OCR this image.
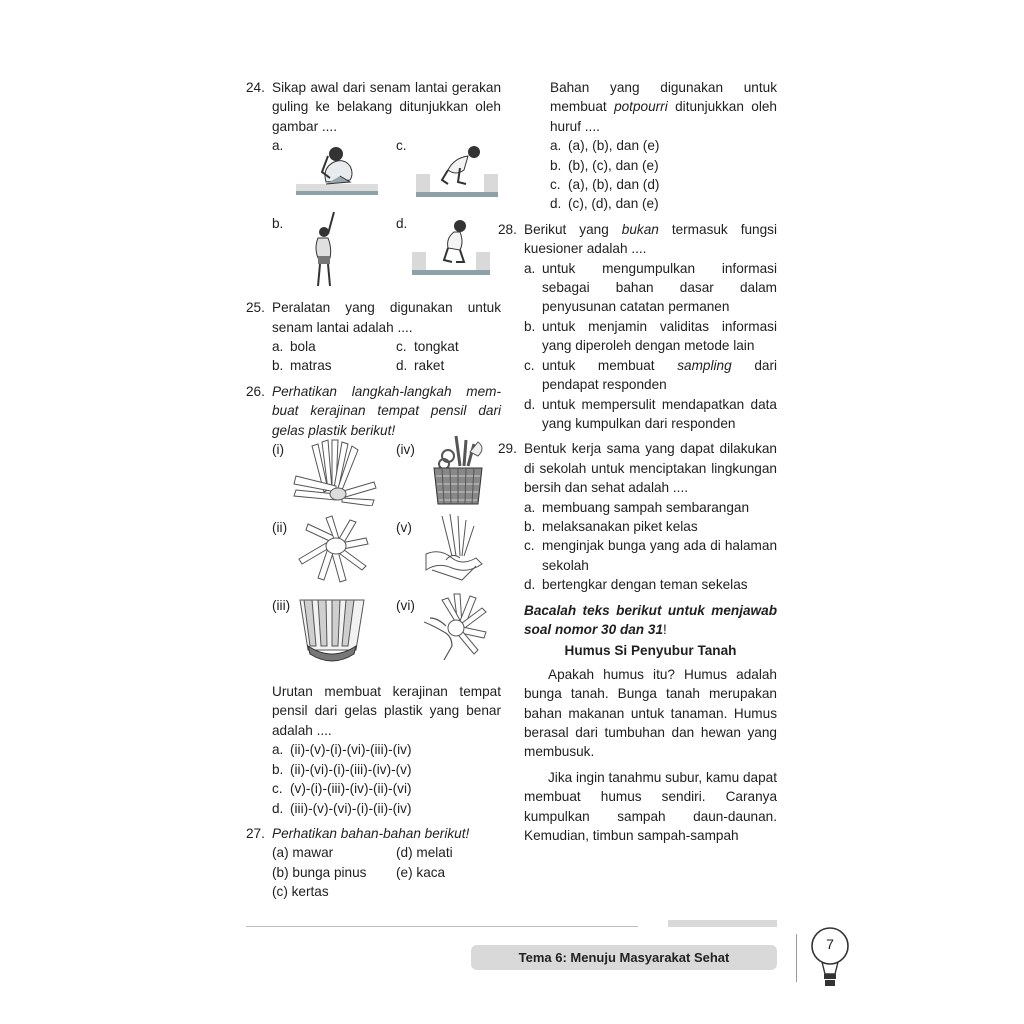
24. Sikap awal dari senam lantai gerakan guling ke belakang ditunjukkan oleh gambar ....
a.	c.
b.	d.
25. Peralatan yang digunakan untuk senam lantai adalah ....
a. bola	c. tongkat
b. matras	d. raket
26. Perhatikan langkah-langkah mem-buat kerajinan tempat pensil dari gelas plastik berikut!
(i)	(iv)
(ii)	(v)
(iii)	(vi)
Urutan membuat kerajinan tempat pensil dari gelas plastik yang benar adalah ....
a. (ii)-(v)-(i)-(vi)-(iii)-(iv)
b. (ii)-(vi)-(i)-(iii)-(iv)-(v)
c. (v)-(i)-(iii)-(iv)-(ii)-(vi)
d. (iii)-(v)-(vi)-(i)-(ii)-(iv)
27. Perhatikan bahan-bahan berikut!
(a) mawar	(d) melati
(b) bunga pinus	(e) kaca
(c) kertas
Bahan yang digunakan untuk membuat potpourri ditunjukkan oleh huruf ....
a. (a), (b), dan (e)
b. (b), (c), dan (e)
c. (a), (b), dan (d)
d. (c), (d), dan (e)
28. Berikut yang bukan termasuk fungsi kuesioner adalah ....
a. untuk mengumpulkan informasi sebagai bahan dasar dalam penyusunan catatan permanen
b. untuk menjamin validitas informasi yang diperoleh dengan metode lain
c. untuk membuat sampling dari pendapat responden
d. untuk mempersulit mendapatkan data yang kumpulkan dari responden
29. Bentuk kerja sama yang dapat dilakukan di sekolah untuk menciptakan lingkungan bersih dan sehat adalah ....
a. membuang sampah sembarangan
b. melaksanakan piket kelas
c. menginjak bunga yang ada di halaman sekolah
d. bertengkar dengan teman sekelas

Bacalah teks berikut untuk menjawab soal nomor 30 dan 31!

Humus Si Penyubur Tanah

Apakah humus itu? Humus adalah bunga tanah. Bunga tanah merupakan bahan makanan untuk tanaman. Humus berasal dari tumbuhan dan hewan yang membusuk.

Jika ingin tanahmu subur, kamu dapat membuat humus sendiri. Caranya kumpulkan sampah daun-daunan. Kemudian, timbun sampah-sampah

Tema 6: Menuju Masyarakat Sehat
7
